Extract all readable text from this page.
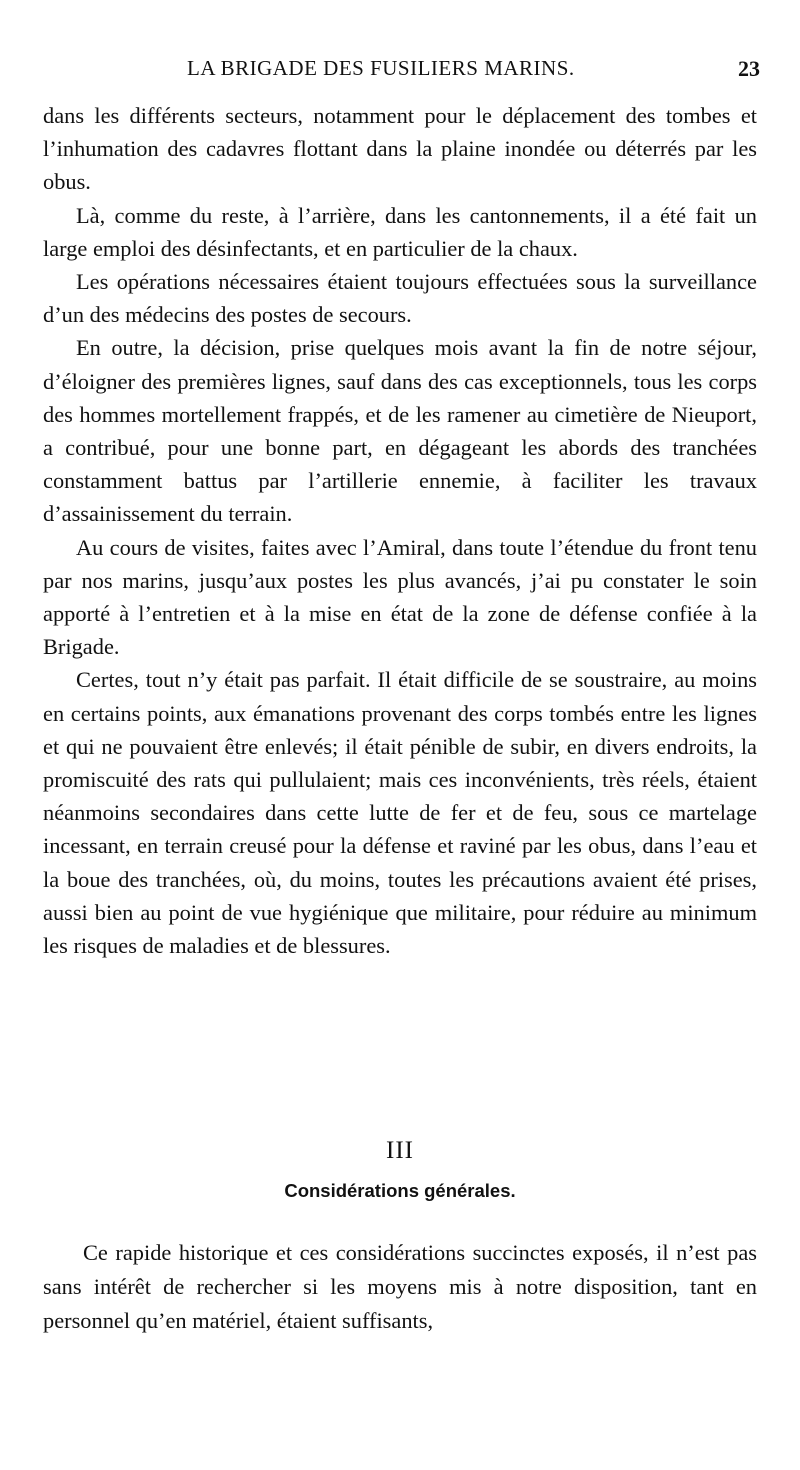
LA BRIGADE DES FUSILIERS MARINS.	23

dans les différents secteurs, notamment pour le déplacement des tombes et l’inhumation des cadavres flottant dans la plaine inondée ou déterrés par les obus.

Là, comme du reste, à l’arrière, dans les cantonnements, il a été fait un large emploi des désinfectants, et en particulier de la chaux.

Les opérations nécessaires étaient toujours effectuées sous la surveillance d’un des médecins des postes de secours.

En outre, la décision, prise quelques mois avant la fin de notre séjour, d’éloigner des premières lignes, sauf dans des cas exceptionnels, tous les corps des hommes mortellement frappés, et de les ramener au cimetière de Nieuport, a contribué, pour une bonne part, en dégageant les abords des tranchées constamment battus par l’artillerie ennemie, à faciliter les travaux d’assainissement du terrain.

Au cours de visites, faites avec l’Amiral, dans toute l’étendue du front tenu par nos marins, jusqu’aux postes les plus avancés, j’ai pu constater le soin apporté à l’entretien et à la mise en état de la zone de défense confiée à la Brigade.

Certes, tout n’y était pas parfait. Il était difficile de se soustraire, au moins en certains points, aux émanations provenant des corps tombés entre les lignes et qui ne pouvaient être enlevés; il était pénible de subir, en divers endroits, la promiscuité des rats qui pullulaient; mais ces inconvénients, très réels, étaient néanmoins secondaires dans cette lutte de fer et de feu, sous ce martelage incessant, en terrain creusé pour la défense et raviné par les obus, dans l’eau et la boue des tranchées, où, du moins, toutes les précautions avaient été prises, aussi bien au point de vue hygiénique que militaire, pour réduire au minimum les risques de maladies et de blessures.

III
Considérations générales.

Ce rapide historique et ces considérations succinctes exposés, il n’est pas sans intérêt de rechercher si les moyens mis à notre disposition, tant en personnel qu’en matériel, étaient suffisants,
